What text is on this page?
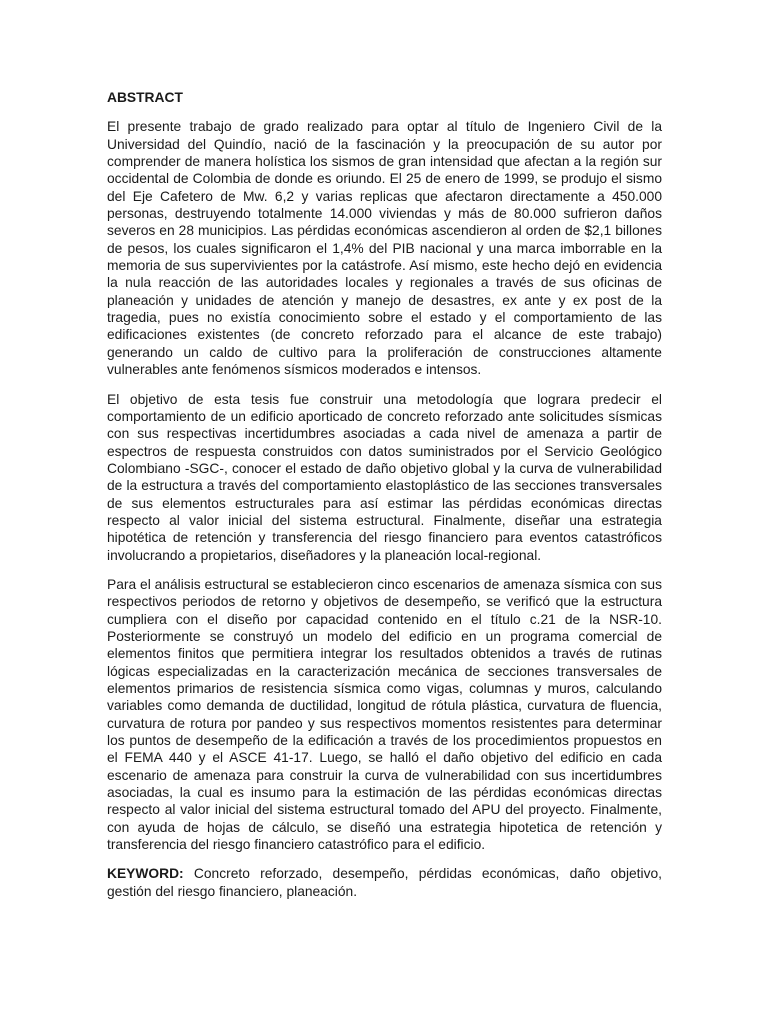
ABSTRACT

El presente trabajo de grado realizado para optar al título de Ingeniero Civil de la Universidad del Quindío, nació de la fascinación y la preocupación de su autor por comprender de manera holística los sismos de gran intensidad que afectan a la región sur occidental de Colombia de donde es oriundo. El 25 de enero de 1999, se produjo el sismo del Eje Cafetero de Mw. 6,2 y varias replicas que afectaron directamente a 450.000 personas, destruyendo totalmente 14.000 viviendas y más de 80.000 sufrieron daños severos en 28 municipios. Las pérdidas económicas ascendieron al orden de $2,1 billones de pesos, los cuales significaron el 1,4% del PIB nacional y una marca imborrable en la memoria de sus supervivientes por la catástrofe. Así mismo, este hecho dejó en evidencia la nula reacción de las autoridades locales y regionales a través de sus oficinas de planeación y unidades de atención y manejo de desastres, ex ante y ex post de la tragedia, pues no existía conocimiento sobre el estado y el comportamiento de las edificaciones existentes (de concreto reforzado para el alcance de este trabajo) generando un caldo de cultivo para la proliferación de construcciones altamente vulnerables ante fenómenos sísmicos moderados e intensos.

El objetivo de esta tesis fue construir una metodología que lograra predecir el comportamiento de un edificio aporticado de concreto reforzado ante solicitudes sísmicas con sus respectivas incertidumbres asociadas a cada nivel de amenaza a partir de espectros de respuesta construidos con datos suministrados por el Servicio Geológico Colombiano -SGC-, conocer el estado de daño objetivo global y la curva de vulnerabilidad de la estructura a través del comportamiento elastoplástico de las secciones transversales de sus elementos estructurales para así estimar las pérdidas económicas directas respecto al valor inicial del sistema estructural. Finalmente, diseñar una estrategia hipotética de retención y transferencia del riesgo financiero para eventos catastróficos involucrando a propietarios, diseñadores y la planeación local-regional.

Para el análisis estructural se establecieron cinco escenarios de amenaza sísmica con sus respectivos periodos de retorno y objetivos de desempeño, se verificó que la estructura cumpliera con el diseño por capacidad contenido en el título c.21 de la NSR-10. Posteriormente se construyó un modelo del edificio en un programa comercial de elementos finitos que permitiera integrar los resultados obtenidos a través de rutinas lógicas especializadas en la caracterización mecánica de secciones transversales de elementos primarios de resistencia sísmica como vigas, columnas y muros, calculando variables como demanda de ductilidad, longitud de rótula plástica, curvatura de fluencia, curvatura de rotura por pandeo y sus respectivos momentos resistentes para determinar los puntos de desempeño de la edificación a través de los procedimientos propuestos en el FEMA 440 y el ASCE 41-17. Luego, se halló el daño objetivo del edificio en cada escenario de amenaza para construir la curva de vulnerabilidad con sus incertidumbres asociadas, la cual es insumo para la estimación de las pérdidas económicas directas respecto al valor inicial del sistema estructural tomado del APU del proyecto. Finalmente, con ayuda de hojas de cálculo, se diseñó una estrategia hipotetica de retención y transferencia del riesgo financiero catastrófico para el edificio.

KEYWORD: Concreto reforzado, desempeño, pérdidas económicas, daño objetivo, gestión del riesgo financiero, planeación.
